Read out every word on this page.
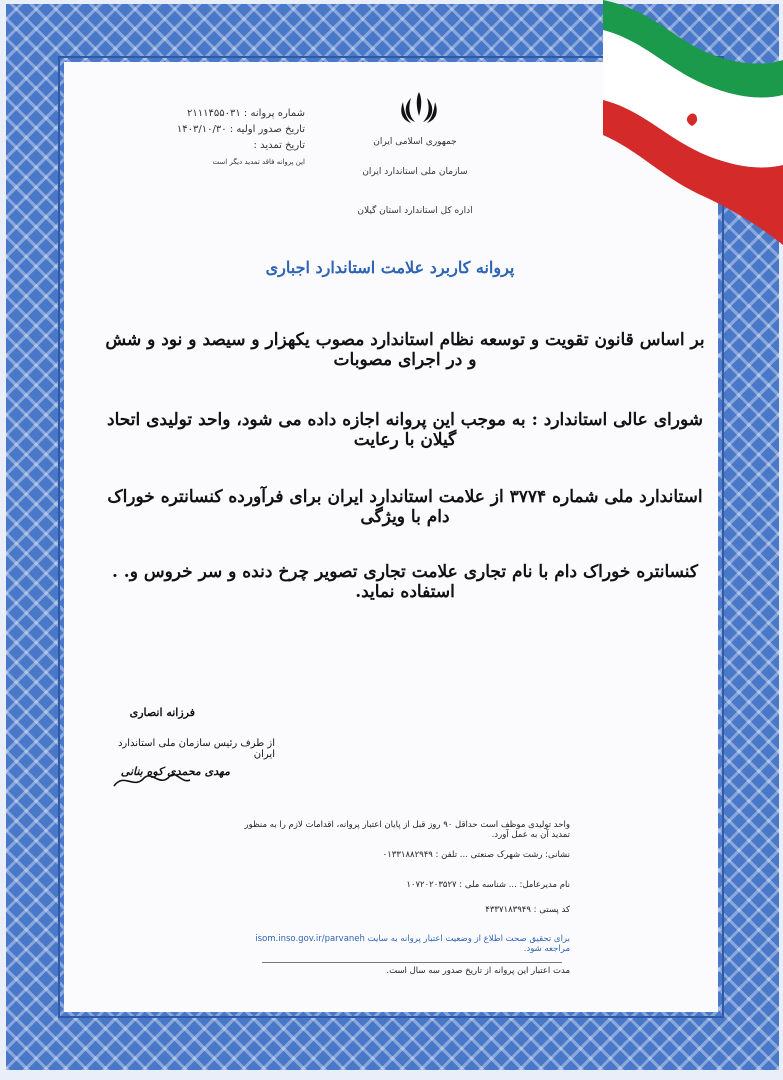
جمهوری اسلامی ایران
سازمان ملی استاندارد ایران
اداره کل استاندارد استان گیلان
شماره پروانه : ۲۱۱۱۴۵۵۰۳۱
تاریخ صدور اولیه : ۱۴۰۳/۱۰/۳۰
تاریخ تمدید :
این پروانه فاقد تمدید دیگر است
پروانه کاربرد علامت استاندارد اجباری
بر اساس قانون تقویت و توسعه نظام استاندارد مصوب یکهزار و سیصد و نود و شش و در اجرای مصوبات
شورای عالی استاندارد : به موجب این پروانه اجازه داده می شود، واحد تولیدی اتحاد گیلان با رعایت
استاندارد ملی شماره ۳۷۷۴ از علامت استاندارد ایران برای فرآورده کنسانتره خوراک دام با ویژگی
کنسانتره خوراک دام با نام تجاری علامت تجاری تصویر چرخ دنده و سر خروس و. . استفاده نماید.
فرزانه انصاری
از طرف رئیس سازمان ملی استاندارد ایران
مهدی محمدی کوه بنانی
واحد تولیدی موظف است حداقل ۹۰ روز قبل از پایان اعتبار پروانه، اقدامات لازم را به منظور تمدید آن به عمل آورد.
نشانی: رشت شهرک صنعتی ... تلفن : ۰۱۳۳۱۸۸۲۹۴۹
نام مدیرعامل: ... شناسه ملی : ۱۰۷۲۰۲۰۳۵۲۷
کد پستی : ۴۳۳۷۱۸۳۹۴۹
برای تحقیق صحت اطلاع از وضعیت اعتبار پروانه به سایت isom.inso.gov.ir/parvaneh مراجعه شود.
مدت اعتبار این پروانه از تاریخ صدور سه سال است.
